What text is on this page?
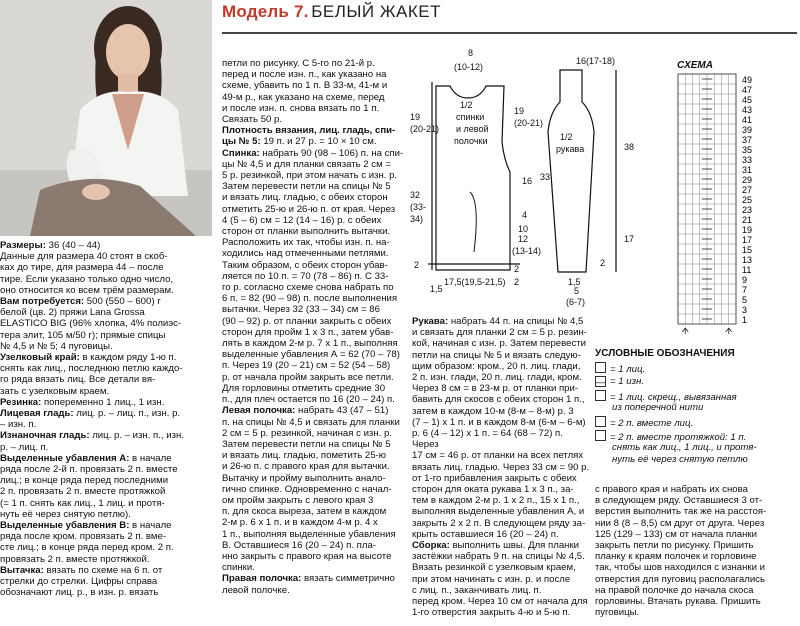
Модель 7. БЕЛЫЙ ЖАКЕТ

Размеры: 36 (40 – 44)

Данные для размера 40 стоят в скоб-

ках до тире, для размера 44 – после

тире. Если указано только одно число,

оно относится ко всем трём размерам.

Вам потребуется: 500 (550 – 600) г

белой (цв. 2) пряжи Lana Grossa

ELASTICO BIG (96% хлопка, 4% полиэс-

тера элит, 105 м/50 г); прямые спицы

№ 4,5 и № 5; 4 пуговицы.

Узелковый край: в каждом ряду 1-ю п.

снять как лиц., последнюю петлю каждо-

го ряда вязать лиц. Все детали вя-

зать с узелковым краем.

Резинка: попеременно 1 лиц., 1 изн.

Лицевая гладь: лиц. р. – лиц. п., изн. р.

– изн. п.

Изнаночная гладь: лиц. р. – изн. п., изн.

р. – лиц. п.

Выделенные убавления А: в начале

ряда после 2-й п. провязать 2 п. вместе

лиц.; в конце ряда перед последними

2 п. провязать 2 п. вместе протяжкой

(= 1 п. снять как лиц., 1 лиц. и протя-

нуть её через снятую петлю).

Выделенные убавления В: в начале

ряда после кром. провязать 2 п. вме-

сте лиц.; в конце ряда перед кром. 2 п.

провязать 2 п. вместе протяжкой.

Вытачка: вязать по схеме на 6 п. от

стрелки до стрелки. Цифры справа

обозначают лиц. р., в изн. р. вязать

петли по рисунку. С 5-го по 21-й р.

перед и после изн. п., как указано на

схеме, убавить по 1 п. В 33-м, 41-м и

49-м р., как указано на схеме, перед

и после изн. п. снова вязать по 1 п.

Связать 50 р.

Плотность вязания, лиц. гладь, спи-

цы № 5: 19 п. и 27 р. = 10 × 10 см.

Спинка: набрать 90 (98 – 106) п. на спи-

цы № 4,5 и для планки связать 2 см =

5 р. резинкой, при этом начать с изн. р.

Затем перевести петли на спицы № 5

и вязать лиц. гладью, с обеих сторон

отметить 25-ю и 26-ю п. от края. Через

4 (5 – 6) см = 12 (14 – 16) р. с обеих

сторон от планки выполнить вытачки.

Расположить их так, чтобы изн. п. на-

ходились над отмеченными петлями.

Таким образом, с обеих сторон убав-

ляется по 10 п. = 70 (78 – 86) п. С 33-

го р. согласно схеме снова набрать по

6 п. = 82 (90 – 98) п. после выполнения

вытачки. Через 32 (33 – 34) см = 86

(90 – 92) р. от планки закрыть с обеих

сторон для пройм 1 х 3 п., затем убав-

лять в каждом 2-м р. 7 х 1 п., выполняя

выделенные убавления А = 62 (70 – 78)

п. Через 19 (20 – 21) см = 52 (54 – 58)

р. от начала пройм закрыть все петли.

Для горловины отметить средние 30

п., для плеч остается по 16 (20 – 24) п.

Левая полочка: набрать 43 (47 – 51)

п. на спицы № 4,5 и связать для планки

2 см = 5 р. резинкой, начиная с изн. р.

Затем перевести петли на спицы № 5

и вязать лиц. гладью, пометить 25-ю

и 26-ю п. с правого края для вытачки.

Вытачку и пройму выполнить анало-

гично спинке. Одновременно с начал-

ом пройм закрыть с левого края 3

п. для скоса выреза, затем в каждом

2-м р. 6 х 1 п. и в каждом 4-м р. 4 х

1 п., выполняя выделенные убавления

В. Оставшиеся 16 (20 – 24) п. пла-

нно закрыть с правого края на высоте

спинки.

Правая полочка: вязать симметрично

левой полочке.

Рукава: набрать 44 п. на спицы № 4,5

и связать для планки 2 см = 5 р. резин-

кой, начиная с изн. р. Затем перевести

петли на спицы № 5 и вязать следую-

щим образом: кром., 20 п. лиц. глади,

2 п. изн. глади, 20 п. лиц. глади, кром.

Через 8 см = в 23-м р. от планки при-

бавить для скосов с обеих сторон 1 п.,

затем в каждом 10-м (8-м – 8-м) р. 3

(7 – 1) х 1 п. и в каждом 8-м (6-м – 6-м)

р. 6 (4 – 12) х 1 п. = 64 (68 – 72) п. Через

17 см = 46 р. от планки на всех петлях

вязать лиц. гладью. Через 33 см = 90 р.

от 1-го прибавления закрыть с обеих

сторон для оката рукава 1 х 3 п., за-

тем в каждом 2-м р. 1 х 2 п., 15 х 1 п.,

выполняя выделенные убавления А, и

закрыть 2 х 2 п. В следующем ряду за-

крыть оставшиеся 16 (20 – 24) п.

Сборка: выполнить швы. Для планки

застёжки набрать 9 п. на спицы № 4,5.

Вязать резинкой с узелковым краем,

при этом начинать с изн. р. и после

с лиц. п., заканчивать лиц. п.

перед кром. Через 10 см от начала для

1-го отверстия закрыть 4-ю и 5-ю п.

с правого края и набрать их снова

в следующем ряду. Оставшиеся 3 от-

верстия выполнить так же на расстоя-

нии 8 (8 – 8,5) см друг от друга. Через

125 (129 – 133) см от начала планки

закрыть петли по рисунку. Пришить

планку к краям полочек и горловине

так, чтобы шов находился с изнанки и

отверстия для пуговиц располагались

на правой полочке до начала скоса

горловины. Втачать рукава. Пришить

пуговицы.

1/2
спинки
и левой
полочки	1/2
рукава
8
(10-12)
16(17-18)
19
(20-21)
32
(33-
34)
2
19
(20-21)
16
4
10
12
(13-14)
2
1,5
17,5(19,5-21,5) 2	1,5
5
(6-7)
38
33
17
2
СХЕМА
49
47
45
43
41
39
37
35
33
31
29
27
25
23
21
19
17
15
13
11
9
7
5
3
1
УСЛОВНЫЕ ОБОЗНАЧЕНИЯ
= 1 лиц.
— = 1 изн.
= 1 лиц. скрещ., вывязанная
из поперечной нити
= 2 п. вместе лиц.
= 2 п. вместе протяжкой: 1 п.
снять как лиц., 1 лиц., и протя-
нуть её через снятую петлю
